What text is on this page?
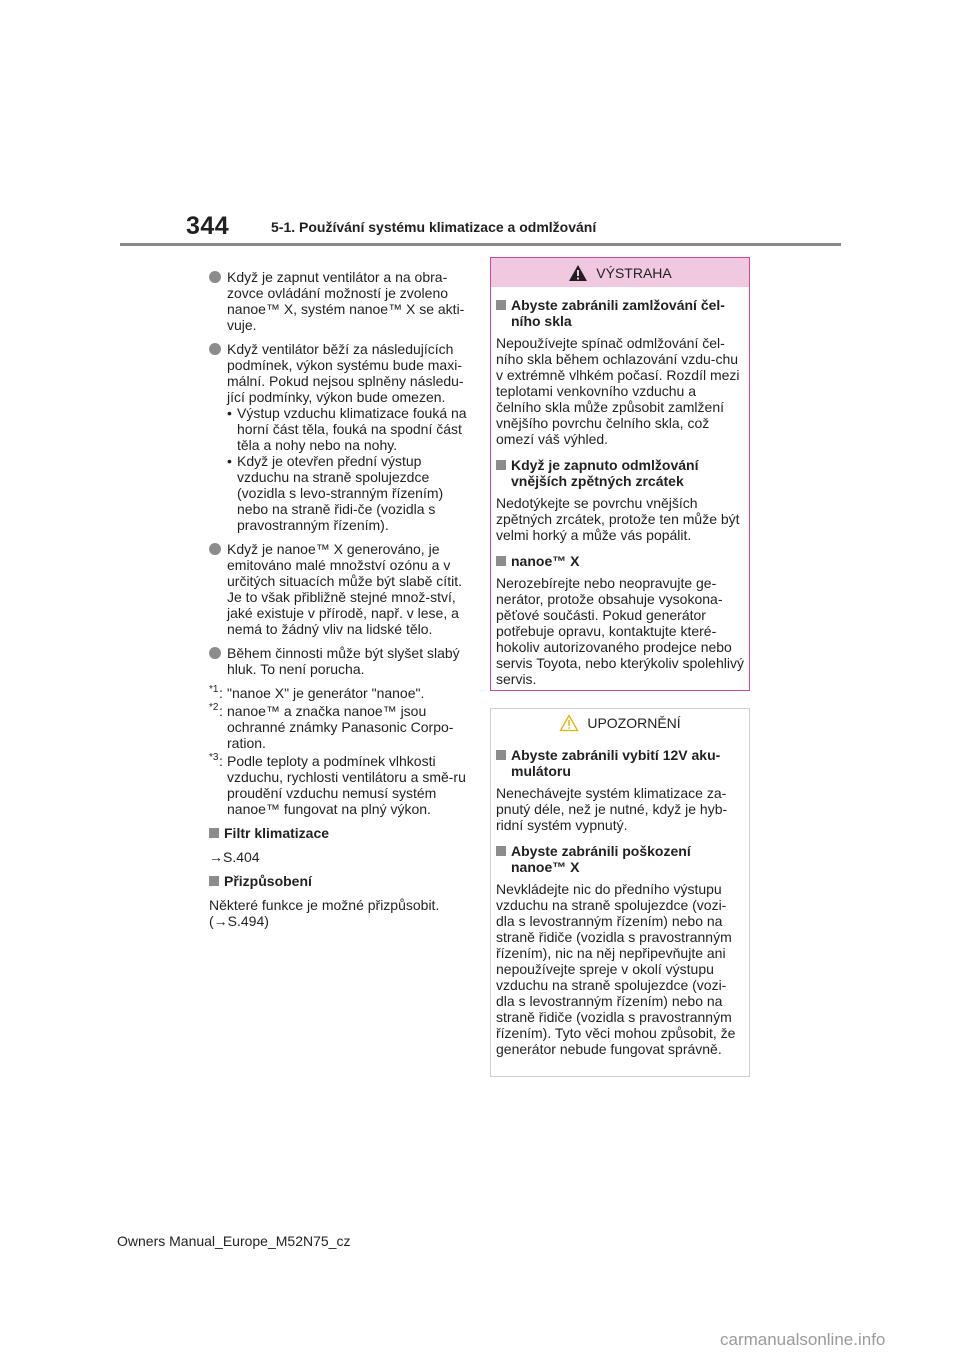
344	5-1. Používání systému klimatizace a odmlžování
Když je zapnut ventilátor a na obra-zovce ovládání možností je zvoleno nanoe™ X, systém nanoe™ X se akti-vuje.
Když ventilátor běží za následujících podmínek, výkon systému bude maxi-mální. Pokud nejsou splněny následu-jící podmínky, výkon bude omezen.
• Výstup vzduchu klimatizace fouká na horní část těla, fouká na spodní část těla a nohy nebo na nohy.
• Když je otevřen přední výstup vzduchu na straně spolujezdce (vozidla s levo-stranným řízením) nebo na straně řidi-če (vozidla s pravostranným řízením).
Když je nanoe™ X generováno, je emitováno malé množství ozónu a v určitých situacích může být slabě cítit. Je to však přibližně stejné množ-ství, jaké existuje v přírodě, např. v lese, a nemá to žádný vliv na lidské tělo.
Během činnosti může být slyšet slabý hluk. To není porucha.
*1 : "nanoe X" je generátor "nanoe".
*2 : nanoe™ a značka nanoe™ jsou ochranné známky Panasonic Corpo-ration.
*3 : Podle teploty a podmínek vlhkosti vzduchu, rychlosti ventilátoru a smě-ru proudění vzduchu nemusí systém nanoe™ fungovat na plný výkon.
Filtr klimatizace
→S.404
Přizpůsobení
Některé funkce je možné přizpůsobit. (→S.494)
VÝSTRAHA
Abyste zabránili zamlžování čel-ního skla
Nepoužívejte spínač odmlžování čel-ního skla během ochlazování vzdu-chu v extrémně vlhkém počasí. Rozdíl mezi teplotami venkovního vzduchu a čelního skla může způsobit zamlžení vnějšího povrchu čelního skla, což omezí váš výhled.
Když je zapnuto odmlžování vnějších zpětných zrcátek
Nedotýkejte se povrchu vnějších zpětných zrcátek, protože ten může být velmi horký a může vás popálit.
nanoe™ X
Nerozebírejte nebo neopravujte ge-nerátor, protože obsahuje vysokona-pěťové součásti. Pokud generátor potřebuje opravu, kontaktujte které-hokoliv autorizovaného prodejce nebo servis Toyota, nebo kterýkoliv spolehlivý servis.
UPOZORNĚNÍ
Abyste zabránili vybití 12V aku-mulátoru
Nenechávejte systém klimatizace za-pnutý déle, než je nutné, když je hyb-ridní systém vypnutý.
Abyste zabránili poškození nanoe™ X
Nevkládejte nic do předního výstupu vzduchu na straně spolujezdce (vozi-dla s levostranným řízením) nebo na straně řidiče (vozidla s pravostranným řízením), nic na něj nepřipevňujte ani nepoužívejte spreje v okolí výstupu vzduchu na straně spolujezdce (vozi-dla s levostranným řízením) nebo na straně řidiče (vozidla s pravostranným řízením). Tyto věci mohou způsobit, že generátor nebude fungovat správně.
Owners Manual_Europe_M52N75_cz
carmanualsonline.info
